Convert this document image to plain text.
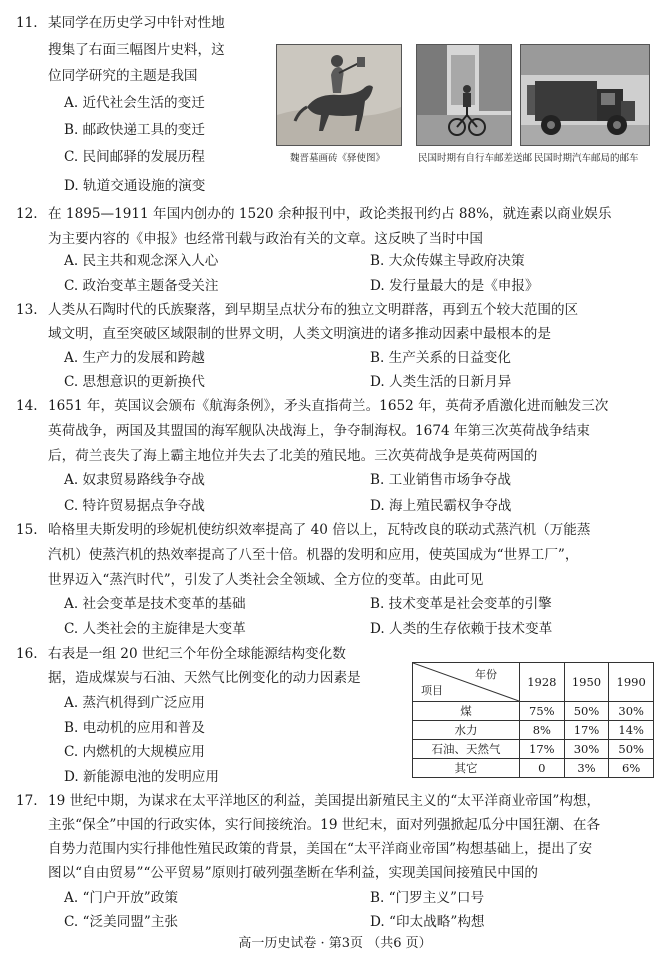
11. 某同学在历史学习中针对性地
搜集了右面三幅图片史料，这
位同学研究的主题是我国
A. 近代社会生活的变迁
B. 邮政快递工具的变迁
C. 民间邮驿的发展历程
D. 轨道交通设施的演变
魏晋墓画砖《驿使图》	民国时期有自行车邮差送邮 民国时期汽车邮局的邮车
12. 在 1895—1911 年国内创办的 1520 余种报刊中，政论类报刊约占 88%，就连素以商业娱乐
为主要内容的《申报》也经常刊载与政治有关的文章。这反映了当时中国
A. 民主共和观念深入人心	B. 大众传媒主导政府决策
C. 政治变革主题备受关注	D. 发行量最大的是《申报》
13. 人类从石陶时代的氏族聚落，到早期呈点状分布的独立文明群落，再到五个较大范围的区
域文明，直至突破区域限制的世界文明，人类文明演进的诸多推动因素中最根本的是
A. 生产力的发展和跨越	B. 生产关系的日益变化
C. 思想意识的更新换代	D. 人类生活的日新月异
14. 1651 年，英国议会颁布《航海条例》，矛头直指荷兰。1652 年，英荷矛盾激化进而触发三次
英荷战争，两国及其盟国的海军舰队决战海上，争夺制海权。1674 年第三次英荷战争结束
后，荷兰丧失了海上霸主地位并失去了北美的殖民地。三次英荷战争是英荷两国的
A. 奴隶贸易路线争夺战	B. 工业销售市场争夺战
C. 特许贸易据点争夺战	D. 海上殖民霸权争夺战
15. 哈格里夫斯发明的珍妮机使纺织效率提高了 40 倍以上，瓦特改良的联动式蒸汽机（万能蒸
汽机）使蒸汽机的热效率提高了八至十倍。机器的发明和应用，使英国成为“世界工厂”，
世界迈入“蒸汽时代”，引发了人类社会全领域、全方位的变革。由此可见
A. 社会变革是技术变革的基础	B. 技术变革是社会变革的引擎
C. 人类社会的主旋律是大变革	D. 人类的生存依赖于技术变革
16. 右表是一组 20 世纪三个年份全球能源结构变化数
据，造成煤炭与石油、天然气比例变化的动力因素是
A. 蒸汽机得到广泛应用
B. 电动机的应用和普及
C. 内燃机的大规模应用
D. 新能源电池的发明应用
年份
项目	1928	1950	1990
煤	75%	50%	30%
水力	8%	17%	14%
石油、天然气	17%	30%	50%
其它	0	3%	6%
17. 19 世纪中期，为谋求在太平洋地区的利益，美国提出新殖民主义的“太平洋商业帝国”构想，
主张“保全”中国的行政实体，实行间接统治。19 世纪末，面对列强掀起瓜分中国狂潮、在各
自势力范围内实行排他性殖民政策的背景，美国在“太平洋商业帝国”构想基础上，提出了安
图以“自由贸易”“公平贸易”原则打破列强垄断在华利益，实现美国间接殖民中国的
A. “门户开放”政策	B. “门罗主义”口号
C. “泛美同盟”主张	D. “印太战略”构想
高一历史试卷 · 第3页 （共6 页）
